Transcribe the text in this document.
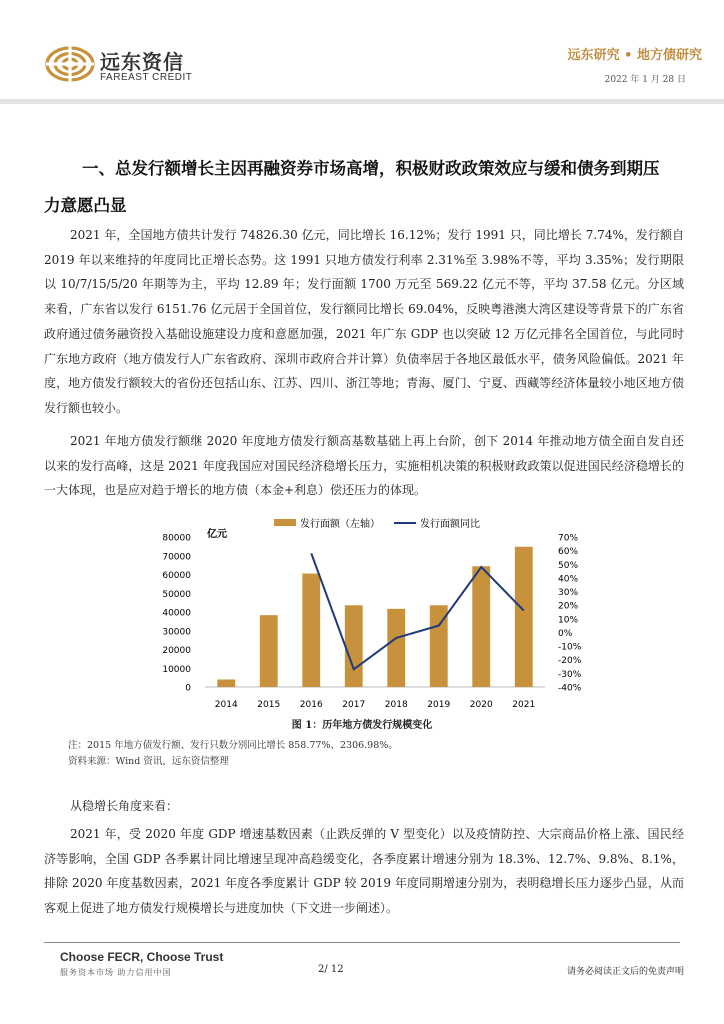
远东资信
FAREAST CREDIT
远东研究 • 地方债研究
2022 年 1 月 28 日
一、总发行额增长主因再融资券市场高增，积极财政政策效应与缓和债务到期压
力意愿凸显

2021 年，全国地方债共计发行 74826.30 亿元，同比增长 16.12%；发行 1991 只，同比增长 7.74%，发行额自 2019 年以来维持的年度同比正增长态势。这 1991 只地方债发行利率 2.31%至 3.98%不等，平均 3.35%；发行期限以 10/7/15/5/20 年期等为主，平均 12.89 年；发行面额 1700 万元至 569.22 亿元不等，平均 37.58 亿元。分区域来看，广东省以发行 6151.76 亿元居于全国首位，发行额同比增长 69.04%，反映粤港澳大湾区建设等背景下的广东省政府通过债务融资投入基础设施建设力度和意愿加强，2021 年广东 GDP 也以突破 12 万亿元排名全国首位，与此同时广东地方政府（地方债发行人广东省政府、深圳市政府合并计算）负债率居于各地区最低水平，债务风险偏低。2021 年度，地方债发行额较大的省份还包括山东、江苏、四川、浙江等地；青海、厦门、宁夏、西藏等经济体量较小地区地方债发行额也较小。

2021 年地方债发行额继 2020 年度地方债发行额高基数基础上再上台阶，创下 2014 年推动地方债全面自发自还以来的发行高峰，这是 2021 年度我国应对国民经济稳增长压力，实施相机决策的积极财政政策以促进国民经济稳增长的一大体现，也是应对趋于增长的地方债（本金+利息）偿还压力的体现。

发行面额（左轴）	发行面额同比
亿元
0
10000
20000
30000
40000
50000
60000
70000
80000
-40%
-30%
-20%
-10%
0%
10%
20%
30%
40%
50%
60%
70%
2014 2015 2016 2017 2018 2019 2020 2021
图 1：历年地方债发行规模变化
注：2015 年地方债发行额、发行只数分别同比增长 858.77%、2306.98%。
资料来源：Wind 资讯，远东资信整理
从稳增长角度来看：

2021 年，受 2020 年度 GDP 增速基数因素（止跌反弹的 V 型变化）以及疫情防控、大宗商品价格上涨、国民经济等影响，全国 GDP 各季累计同比增速呈现冲高趋缓变化，各季度累计增速分别为 18.3%、12.7%、9.8%、8.1%，排除 2020 年度基数因素，2021 年度各季度累计 GDP 较 2019 年度同期增速分别为，表明稳增长压力逐步凸显，从而客观上促进了地方债发行规模增长与进度加快（下文进一步阐述）。

Choose FECR, Choose Trust
服务资本市场 助力信用中国	2/ 12	请务必阅读正文后的免责声明
